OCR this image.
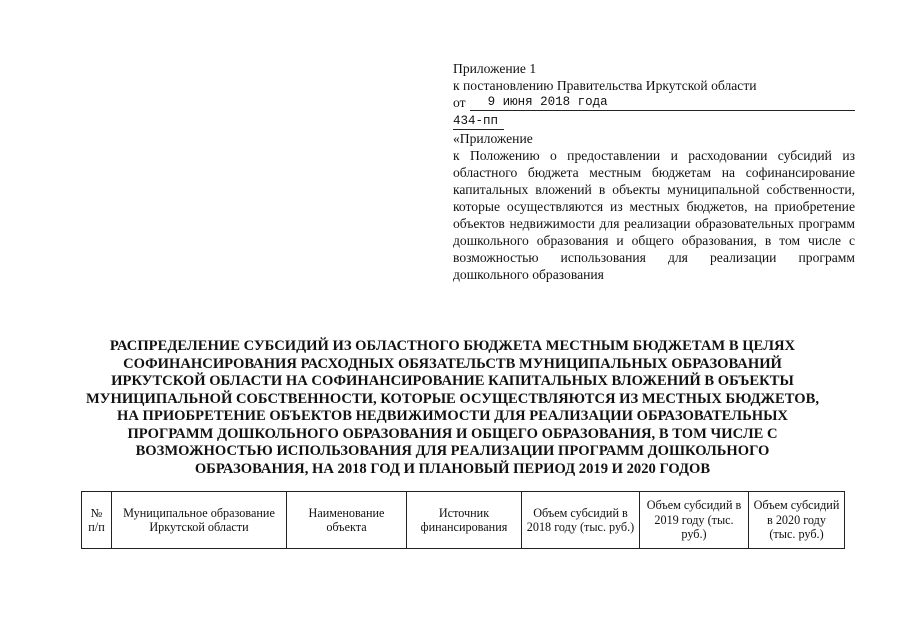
Приложение 1
к постановлению Правительства Иркутской области
от 9 июня 2018 года
434-пп
«Приложение
к Положению о предоставлении и расходовании субсидий из областного бюджета местным бюджетам на софинансирование капитальных вложений в объекты муниципальной собственности, которые осуществляются из местных бюджетов, на приобретение объектов недвижимости для реализации образовательных программ дошкольного образования и общего образования, в том числе с возможностью использования для реализации программ дошкольного образования
РАСПРЕДЕЛЕНИЕ СУБСИДИЙ ИЗ ОБЛАСТНОГО БЮДЖЕТА МЕСТНЫМ БЮДЖЕТАМ В ЦЕЛЯХ СОФИНАНСИРОВАНИЯ РАСХОДНЫХ ОБЯЗАТЕЛЬСТВ МУНИЦИПАЛЬНЫХ ОБРАЗОВАНИЙ ИРКУТСКОЙ ОБЛАСТИ НА СОФИНАНСИРОВАНИЕ КАПИТАЛЬНЫХ ВЛОЖЕНИЙ В ОБЪЕКТЫ МУНИЦИПАЛЬНОЙ СОБСТВЕННОСТИ, КОТОРЫЕ ОСУЩЕСТВЛЯЮТСЯ ИЗ МЕСТНЫХ БЮДЖЕТОВ, НА ПРИОБРЕТЕНИЕ ОБЪЕКТОВ НЕДВИЖИМОСТИ ДЛЯ РЕАЛИЗАЦИИ ОБРАЗОВАТЕЛЬНЫХ ПРОГРАММ ДОШКОЛЬНОГО ОБРАЗОВАНИЯ И ОБЩЕГО ОБРАЗОВАНИЯ, В ТОМ ЧИСЛЕ С ВОЗМОЖНОСТЬЮ ИСПОЛЬЗОВАНИЯ ДЛЯ РЕАЛИЗАЦИИ ПРОГРАММ ДОШКОЛЬНОГО ОБРАЗОВАНИЯ, НА 2018 ГОД И ПЛАНОВЫЙ ПЕРИОД 2019 И 2020 ГОДОВ
№ п/п	Муниципальное образование Иркутской области	Наименование объекта	Источник финансирования	Объем субсидий в 2018 году (тыс. руб.)	Объем субсидий в 2019 году (тыс. руб.)	Объем субсидий в 2020 году (тыс. руб.)
